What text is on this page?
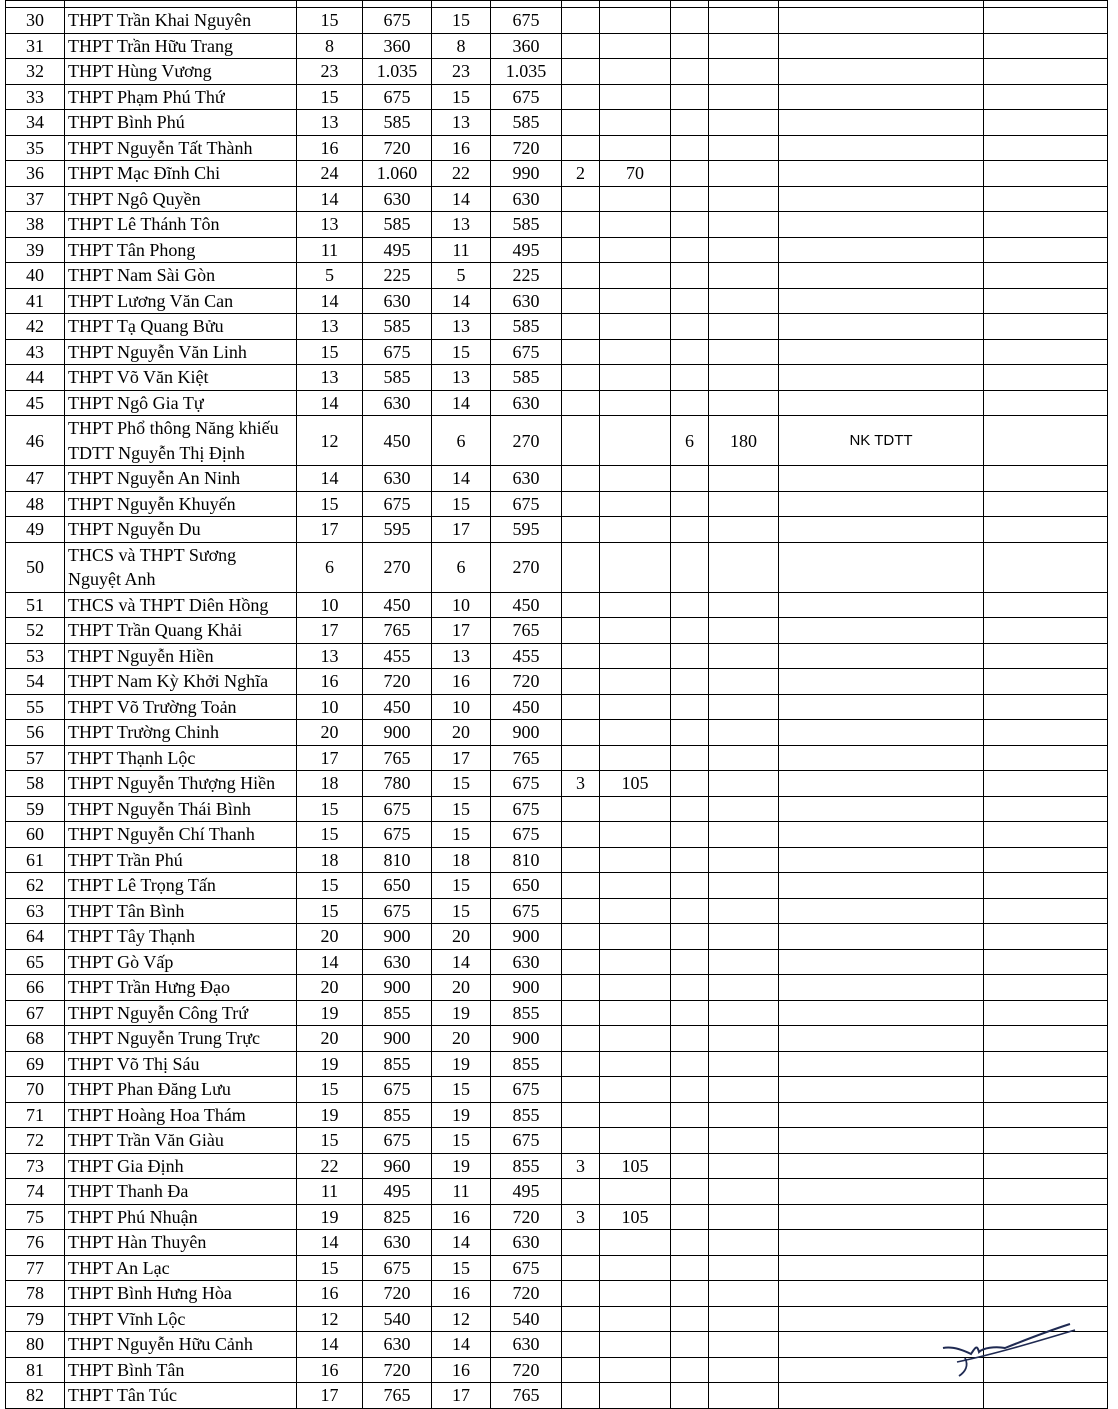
30	THPT Trần Khai Nguyên	15	675	15	675						
31	THPT Trần Hữu Trang	8	360	8	360						
32	THPT Hùng Vương	23	1.035	23	1.035						
33	THPT Phạm Phú Thứ	15	675	15	675						
34	THPT Bình Phú	13	585	13	585						
35	THPT Nguyễn Tất Thành	16	720	16	720						
36	THPT Mạc Đĩnh Chi	24	1.060	22	990	2	70				
37	THPT Ngô Quyền	14	630	14	630						
38	THPT Lê Thánh Tôn	13	585	13	585						
39	THPT Tân Phong	11	495	11	495						
40	THPT Nam Sài Gòn	5	225	5	225						
41	THPT Lương Văn Can	14	630	14	630						
42	THPT Tạ Quang Bửu	13	585	13	585						
43	THPT Nguyễn Văn Linh	15	675	15	675						
44	THPT Võ Văn Kiệt	13	585	13	585						
45	THPT Ngô Gia Tự	14	630	14	630						
46	THPT Phổ thông Năng khiếu TDTT Nguyễn Thị Định	12	450	6	270			6	180	NK TDTT	
47	THPT Nguyễn An Ninh	14	630	14	630						
48	THPT Nguyễn Khuyến	15	675	15	675						
49	THPT Nguyễn Du	17	595	17	595						
50	THCS và THPT Sương Nguyệt Anh	6	270	6	270						
51	THCS và THPT Diên Hồng	10	450	10	450						
52	THPT Trần Quang Khải	17	765	17	765						
53	THPT Nguyễn Hiền	13	455	13	455						
54	THPT Nam Kỳ Khởi Nghĩa	16	720	16	720						
55	THPT Võ Trường Toản	10	450	10	450						
56	THPT Trường Chinh	20	900	20	900						
57	THPT Thạnh Lộc	17	765	17	765						
58	THPT Nguyễn Thượng Hiền	18	780	15	675	3	105				
59	THPT Nguyễn Thái Bình	15	675	15	675						
60	THPT Nguyễn Chí Thanh	15	675	15	675						
61	THPT Trần Phú	18	810	18	810						
62	THPT Lê Trọng Tấn	15	650	15	650						
63	THPT Tân Bình	15	675	15	675						
64	THPT Tây Thạnh	20	900	20	900						
65	THPT Gò Vấp	14	630	14	630						
66	THPT Trần Hưng Đạo	20	900	20	900						
67	THPT Nguyễn Công Trứ	19	855	19	855						
68	THPT Nguyễn Trung Trực	20	900	20	900						
69	THPT Võ Thị Sáu	19	855	19	855						
70	THPT Phan Đăng Lưu	15	675	15	675						
71	THPT Hoàng Hoa Thám	19	855	19	855						
72	THPT Trần Văn Giàu	15	675	15	675						
73	THPT Gia Định	22	960	19	855	3	105				
74	THPT Thanh Đa	11	495	11	495						
75	THPT Phú Nhuận	19	825	16	720	3	105				
76	THPT Hàn Thuyên	14	630	14	630						
77	THPT An Lạc	15	675	15	675						
78	THPT Bình Hưng Hòa	16	720	16	720						
79	THPT Vĩnh Lộc	12	540	12	540						
80	THPT Nguyễn Hữu Cảnh	14	630	14	630						
81	THPT Bình Tân	16	720	16	720						
82	THPT Tân Túc	17	765	17	765						
